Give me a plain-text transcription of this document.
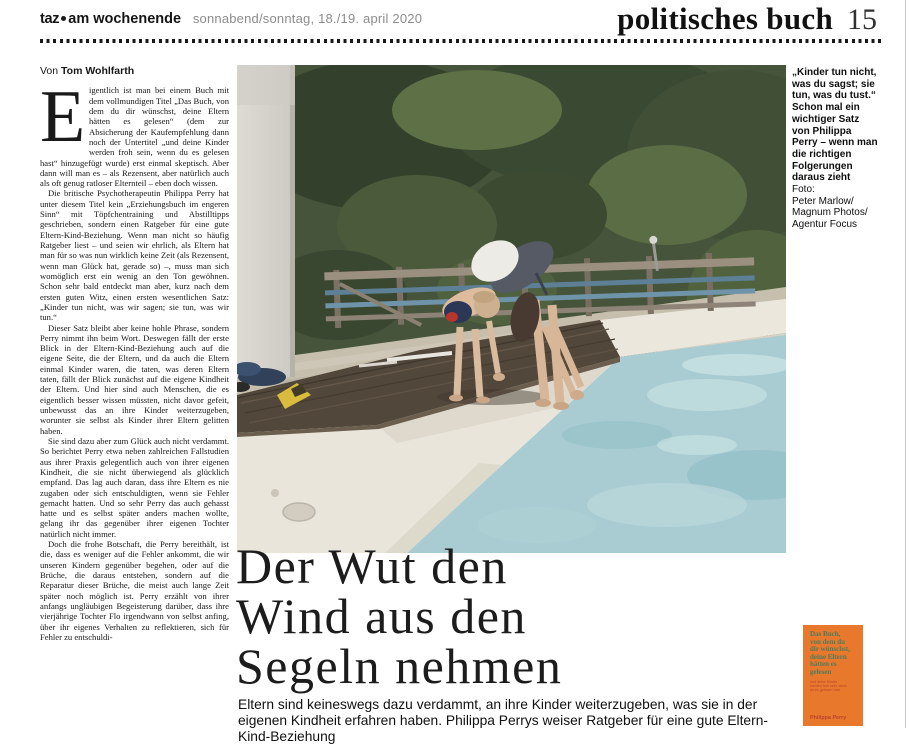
taz am wochenende sonnabend/sonntag, 18./19. april 2020	politisches buch 15
Von Tom Wohlfarth

Eigentlich ist man bei einem Buch mit dem vollmundigen Titel „Das Buch, von dem du dir wünschst, deine Eltern hätten es gelesen“ (dem zur Absicherung der Kaufempfehlung dann noch der Untertitel „und deine Kinder werden froh sein, wenn du es gelesen hast“ hinzugefügt wurde) erst einmal skeptisch. Aber dann will man es – als Rezensent, aber natürlich auch als oft genug ratloser Elternteil – eben doch wissen.

Die britische Psychotherapeutin Philippa Perry hat unter diesem Titel kein „Erziehungsbuch im engeren Sinn“ mit Töpfchentraining und Abstilltipps geschrieben, sondern einen Ratgeber für eine gute Eltern-Kind-Beziehung. Wenn man nicht so häufig Ratgeber liest – und seien wir ehrlich, als Eltern hat man für so was nun wirklich keine Zeit (als Rezensent, wenn man Glück hat, gerade so) –, muss man sich womöglich erst ein wenig an den Ton gewöhnen. Schon sehr bald entdeckt man aber, kurz nach dem ersten guten Witz, einen ersten wesentlichen Satz: „Kinder tun nicht, was wir sagen; sie tun, was wir tun.“

Dieser Satz bleibt aber keine hohle Phrase, sondern Perry nimmt ihn beim Wort. Deswegen fällt der erste Blick in der Eltern-Kind-Beziehung auch auf die eigene Seite, die der Eltern, und da auch die Eltern einmal Kinder waren, die taten, was deren Eltern taten, fällt der Blick zunächst auf die eigene Kindheit der Eltern. Und hier sind auch Menschen, die es eigentlich besser wissen müssten, nicht davor gefeit, unbewusst das an ihre Kinder weiterzugeben, worunter sie selbst als Kinder ihrer Eltern gelitten haben.

Sie sind dazu aber zum Glück auch nicht verdammt. So berichtet Perry etwa neben zahlreichen Fallstudien aus ihrer Praxis gelegentlich auch von ihrer eigenen Kindheit, die sie nicht überwiegend als glücklich empfand. Das lag auch daran, dass ihre Eltern es nie zugaben oder sich entschuldigten, wenn sie Fehler gemacht hatten. Und so sehr Perry das auch gehasst hatte und es selbst später anders machen wollte, gelang ihr das gegenüber ihrer eigenen Tochter natürlich nicht immer.

Doch die frohe Botschaft, die Perry bereithält, ist die, dass es weniger auf die Fehler ankommt, die wir unseren Kindern gegenüber begehen, oder auf die Brüche, die daraus entstehen, sondern auf die Reparatur dieser Brüche, die meist auch lange Zeit später noch möglich ist. Perry erzählt von ihrer anfangs ungläubigen Begeisterung darüber, dass ihre vierjährige Tochter Flo irgendwann von selbst anfing, über ihr eigenes Verhalten zu reflektieren, sich für Fehler zu entschuldi-

„Kinder tun nicht,
was du sagst; sie
tun, was du tust.“
Schon mal ein
wichtiger Satz
von Philippa
Perry – wenn man
die richtigen
Folgerungen
daraus zieht
Foto:
Peter Marlow/
Magnum Photos/
Agentur Focus
Der Wut den
Wind aus den
Segeln nehmen
Eltern sind keineswegs dazu verdammt, an ihre Kinder weiterzugeben, was sie in der eigenen Kindheit erfahren haben. Philippa Perrys weiser Ratgeber für eine gute Eltern-Kind-Beziehung
Das Buch,
von dem du
dir wünschst,
deine Eltern
hätten es
gelesen
und deine Kinder
werden froh sein, wenn
du es gelesen hast
Philippa Perry
